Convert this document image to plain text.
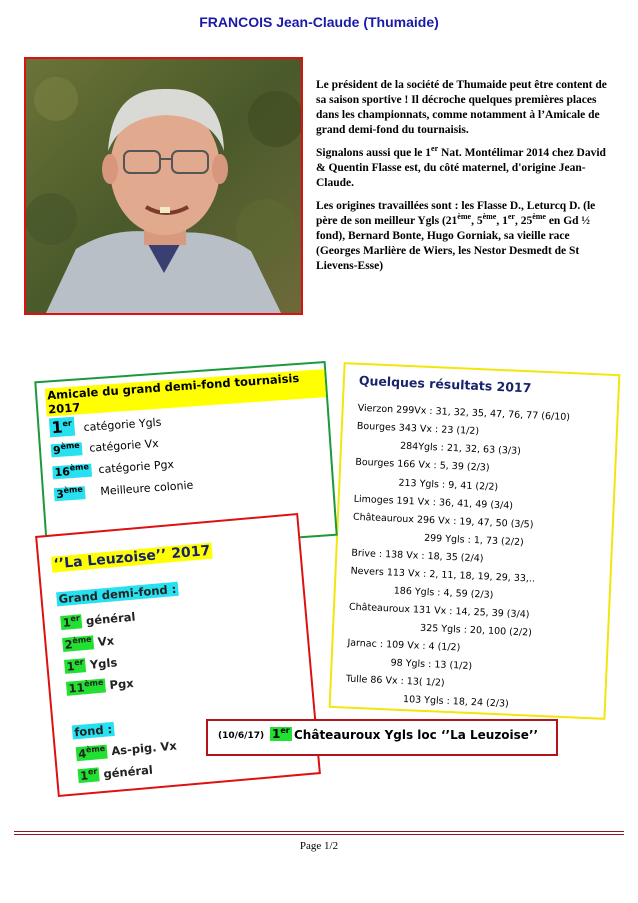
FRANCOIS Jean-Claude (Thumaide)

Le président de la société de Thumaide peut être content de sa saison sportive ! Il décroche quelques premières places dans les championnats, comme notamment à l’Amicale de grand demi-fond du tournaisis.

Signalons aussi que le 1er Nat. Montélimar 2014 chez David & Quentin Flasse est, du côté maternel, d'origine Jean-Claude.

Les origines travaillées sont : les Flasse D., Leturcq D. (le père de son meilleur Ygls (21ème, 5ème, 1er, 25ème en Gd ½ fond), Bernard Bonte, Hugo Gorniak, sa vieille race (Georges Marlière de Wiers, les Nestor Desmedt de St Lievens-Esse)

Quelques résultats 2017
Vierzon 299Vx : 31, 32, 35, 47, 76, 77 (6/10)
Bourges 343 Vx : 23 (1/2)
284Ygls : 21, 32, 63 (3/3)
Bourges 166 Vx : 5, 39 (2/3)
213 Ygls : 9, 41 (2/2)
Limoges 191 Vx : 36, 41, 49 (3/4)
Châteauroux 296 Vx : 19, 47, 50 (3/5)
299 Ygls : 1, 73 (2/2)
Brive : 138 Vx : 18, 35 (2/4)
Nevers 113 Vx : 2, 11, 18, 19, 29, 33,..
186 Ygls : 4, 59 (2/3)
Châteauroux 131 Vx : 14, 25, 39 (3/4)
325 Ygls : 20, 100 (2/2)
Jarnac : 109 Vx : 4 (1/2)
98 Ygls : 13 (1/2)
Tulle 86 Vx : 13( 1/2)
103 Ygls : 18, 24 (2/3)
Amicale du grand demi-fond tournaisis 2017
1er catégorie Ygls
9ème catégorie Vx
16ème catégorie Pgx
3ème Meilleure colonie
‘’La Leuzoise’’ 2017
Grand demi-fond :
1er général
2ème Vx
1er Ygls
11ème Pgx
fond :
4ème As-pig. Vx
1er général
(10/6/17) 1er Châteauroux Ygls loc ‘’La Leuzoise’’
Page 1/2
